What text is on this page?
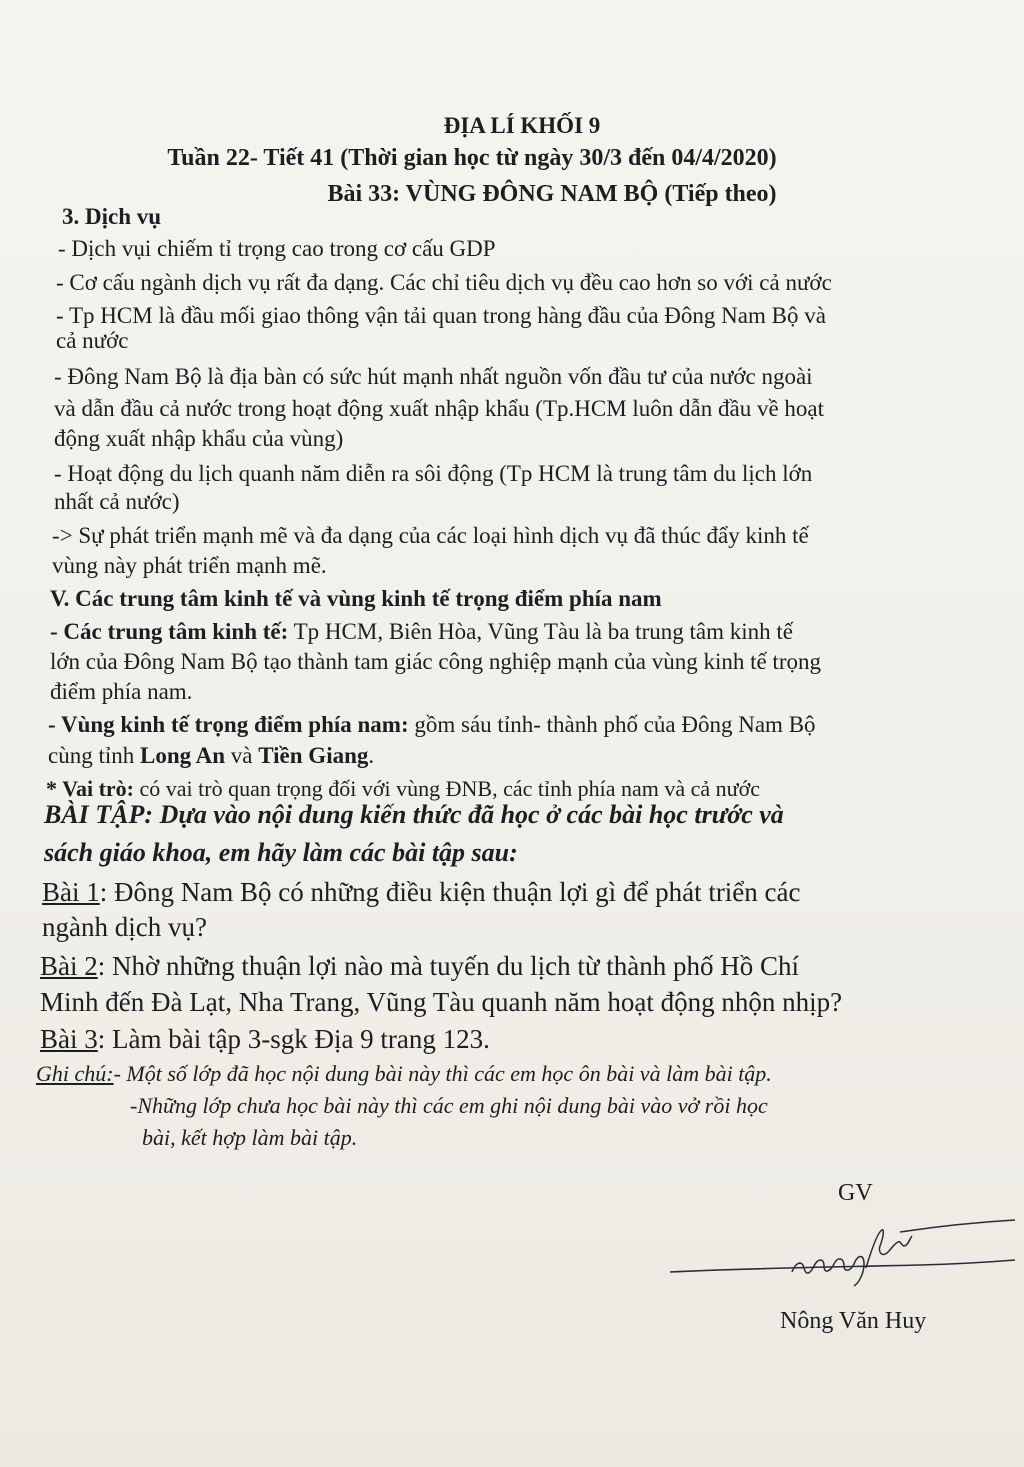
ĐỊA LÍ KHỐI 9
Tuần 22- Tiết 41 (Thời gian học từ ngày 30/3 đến 04/4/2020)
Bài 33: VÙNG ĐÔNG NAM BỘ (Tiếp theo)
3. Dịch vụ
- Dịch vụi chiếm tỉ trọng cao trong cơ cấu GDP
- Cơ cấu ngành dịch vụ rất đa dạng. Các chỉ tiêu dịch vụ đều cao hơn so với cả nước
- Tp HCM là đầu mối giao thông vận tải quan trong hàng đầu của Đông Nam Bộ và
cả nước
- Đông Nam Bộ là địa bàn có sức hút mạnh nhất nguồn vốn đầu tư của nước ngoài
và dẫn đầu cả nước trong hoạt động xuất nhập khẩu (Tp.HCM luôn dẫn đầu về hoạt
động xuất nhập khẩu của vùng)
- Hoạt động du lịch quanh năm diễn ra sôi động (Tp HCM là trung tâm du lịch lớn
nhất cả nước)
-> Sự phát triển mạnh mẽ và đa dạng của các loại hình dịch vụ đã thúc đẩy kinh tế
vùng này phát triển mạnh mẽ.
V. Các trung tâm kinh tế và vùng kinh tế trọng điểm phía nam
- Các trung tâm kinh tế: Tp HCM, Biên Hòa, Vũng Tàu là ba trung tâm kinh tế
lớn của Đông Nam Bộ tạo thành tam giác công nghiệp mạnh của vùng kinh tế trọng
điểm phía nam.
- Vùng kinh tế trọng điểm phía nam: gồm sáu tỉnh- thành phố của Đông Nam Bộ
cùng tỉnh Long An và Tiền Giang.
* Vai trò: có vai trò quan trọng đối với vùng ĐNB, các tỉnh phía nam và cả nước
BÀI TẬP: Dựa vào nội dung kiến thức đã học ở các bài học trước và
sách giáo khoa, em hãy làm các bài tập sau:
Bài 1: Đông Nam Bộ có những điều kiện thuận lợi gì để phát triển các
ngành dịch vụ?
Bài 2: Nhờ những thuận lợi nào mà tuyến du lịch từ thành phố Hồ Chí
Minh đến Đà Lạt, Nha Trang, Vũng Tàu quanh năm hoạt động nhộn nhịp?
Bài 3: Làm bài tập 3-sgk Địa 9 trang 123.
Ghi chú:- Một số lớp đã học nội dung bài này thì các em học ôn bài và làm bài tập.
-Những lớp chưa học bài này thì các em ghi nội dung bài vào vở rồi học
bài, kết hợp làm bài tập.
GV
Nông Văn Huy
